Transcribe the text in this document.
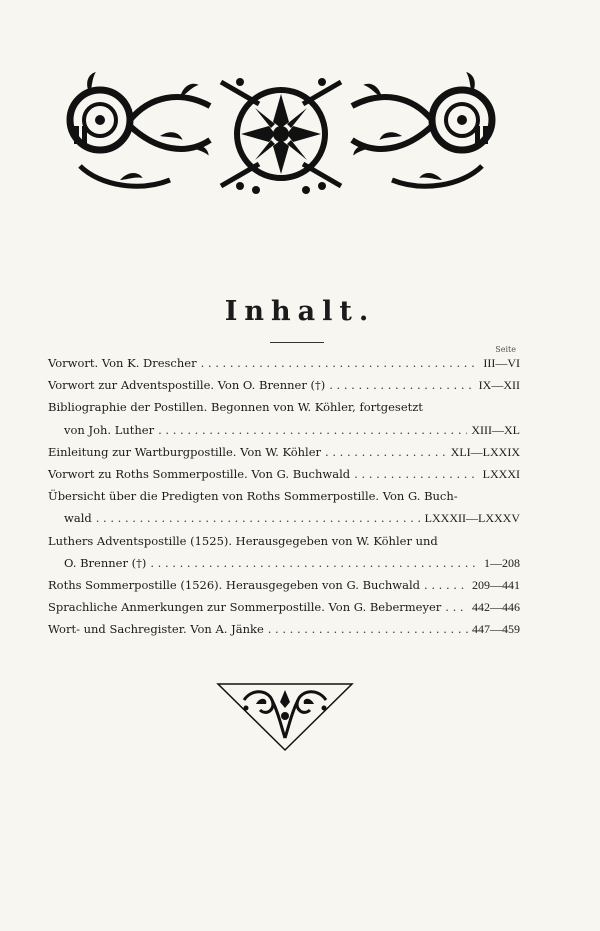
Inhalt.
Seite
Vorwort. Von K. Drescher . . .	III—VI
Vorwort zur Adventspostille. Von O. Brenner (†) . . .	IX—XII
Bibliographie der Postillen. Begonnen von W. Köhler, fortgesetzt
von Joh. Luther . . .	XIII—XL
Einleitung zur Wartburgpostille. Von W. Köhler . . .	XLI—LXXIX
Vorwort zu Roths Sommerpostille. Von G. Buchwald . . .	LXXXI
Übersicht über die Predigten von Roths Sommerpostille. Von G. Buch-
wald . . .	LXXXII—LXXXV
Luthers Adventspostille (1525). Herausgegeben von W. Köhler und
O. Brenner (†) . . .	1—208
Roths Sommerpostille (1526). Herausgegeben von G. Buchwald . . .	209—441
Sprachliche Anmerkungen zur Sommerpostille. Von G. Bebermeyer . . .	442—446
Wort- und Sachregister. Von A. Jänke . . .	447—459
